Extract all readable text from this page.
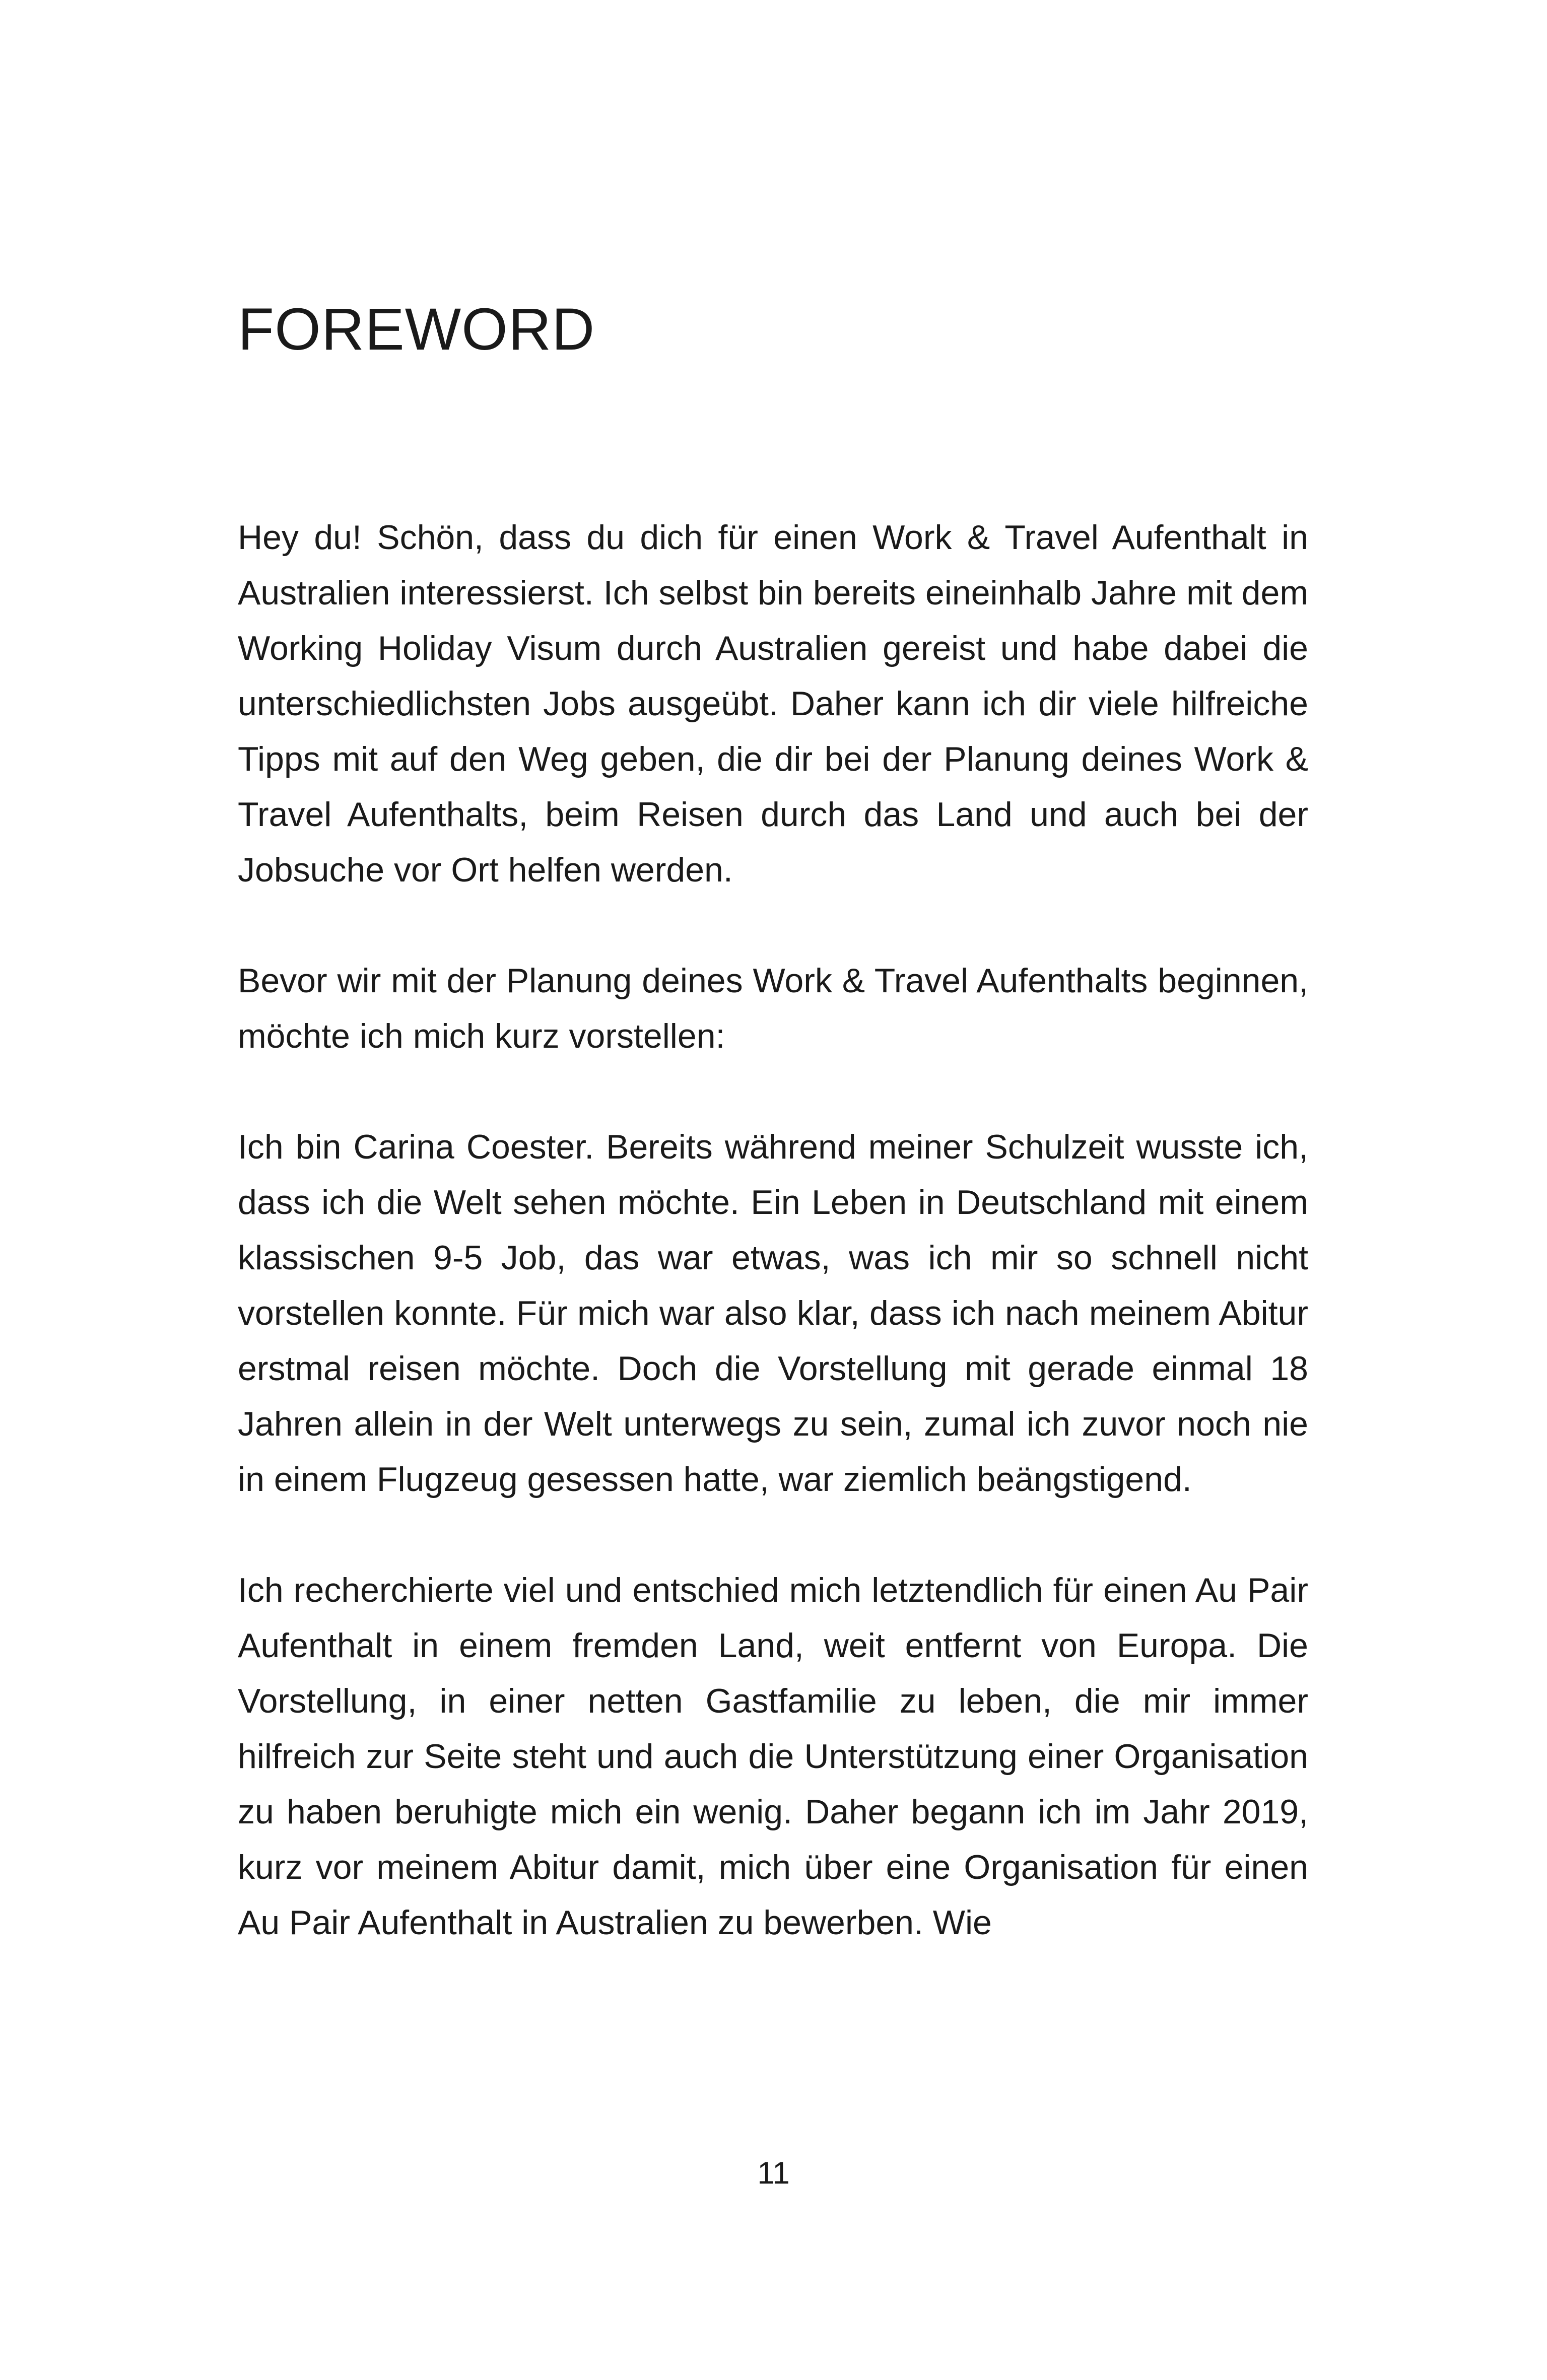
FOREWORD

Hey du! Schön, dass du dich für einen Work & Travel Aufenthalt in Australien interessierst. Ich selbst bin bereits eineinhalb Jahre mit dem Working Holiday Visum durch Australien gereist und habe dabei die unterschiedlichsten Jobs ausgeübt. Daher kann ich dir viele hilfreiche Tipps mit auf den Weg geben, die dir bei der Planung deines Work & Travel Aufenthalts, beim Reisen durch das Land und auch bei der Jobsuche vor Ort helfen werden.

Bevor wir mit der Planung deines Work & Travel Aufenthalts beginnen, möchte ich mich kurz vorstellen:

Ich bin Carina Coester. Bereits während meiner Schulzeit wusste ich, dass ich die Welt sehen möchte. Ein Leben in Deutschland mit einem klassischen 9-5 Job, das war etwas, was ich mir so schnell nicht vorstellen konnte. Für mich war also klar, dass ich nach meinem Abitur erstmal reisen möchte. Doch die Vorstellung mit gerade einmal 18 Jahren allein in der Welt unterwegs zu sein, zumal ich zuvor noch nie in einem Flugzeug gesessen hatte, war ziemlich beängstigend.

Ich recherchierte viel und entschied mich letztendlich für einen Au Pair Aufenthalt in einem fremden Land, weit entfernt von Europa. Die Vorstellung, in einer netten Gastfamilie zu leben, die mir immer hilfreich zur Seite steht und auch die Unterstützung einer Organisation zu haben beruhigte mich ein wenig. Daher begann ich im Jahr 2019, kurz vor meinem Abitur damit, mich über eine Organisation für einen Au Pair Aufenthalt in Australien zu bewerben. Wie

11
